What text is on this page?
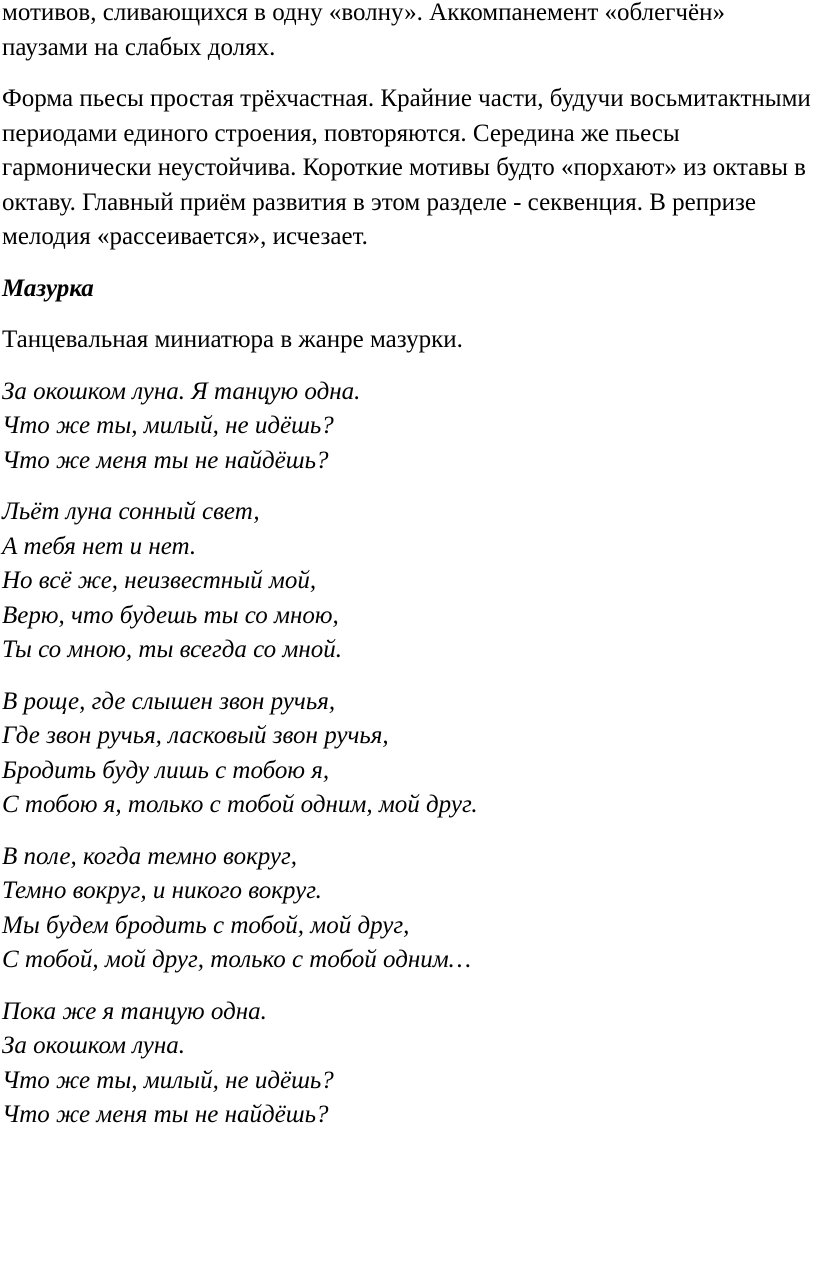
мотивов, сливающихся в одну «волну». Аккомпанемент «облегчён» паузами на слабых долях.

Форма пьесы простая трёхчастная. Крайние части, будучи восьмитактными периодами единого строения, повторяются. Середина же пьесы гармонически неустойчива. Короткие мотивы будто «порхают» из октавы в октаву. Главный приём развития в этом разделе - секвенция. В репризе мелодия «рассеивается», исчезает.

Мазурка

Танцевальная миниатюра в жанре мазурки.

За окошком луна. Я танцую одна.
Что же ты, милый, не идёшь?
Что же меня ты не найдёшь?
Льёт луна сонный свет,
А тебя нет и нет.
Но всё же, неизвестный мой,
Верю, что будешь ты со мною,
Ты со мною, ты всегда со мной.
В роще, где слышен звон ручья,
Где звон ручья, ласковый звон ручья,
Бродить буду лишь с тобою я,
С тобою я, только с тобой одним, мой друг.
В поле, когда темно вокруг,
Темно вокруг, и никого вокруг.
Мы будем бродить с тобой, мой друг,
С тобой, мой друг, только с тобой одним…
Пока же я танцую одна.
За окошком луна.
Что же ты, милый, не идёшь?
Что же меня ты не найдёшь?
